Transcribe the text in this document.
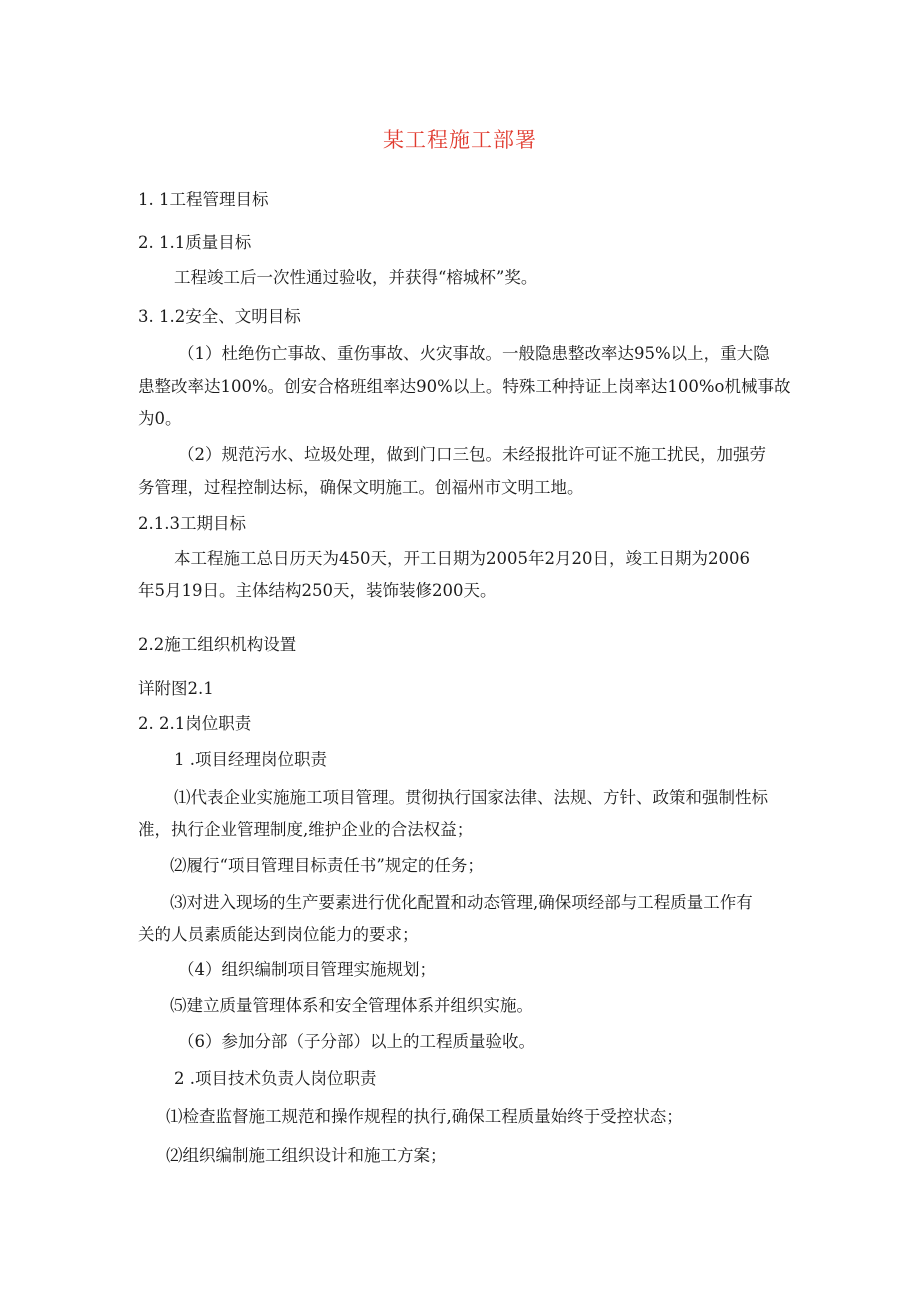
某工程施工部署
1. 1工程管理目标
2. 1.1质量目标
工程竣工后一次性通过验收，并获得“榕城杯”奖。
3. 1.2安全、文明目标
（1）杜绝伤亡事故、重伤事故、火灾事故。一般隐患整改率达95%以上，重大隐
患整改率达100%。创安合格班组率达90%以上。特殊工种持证上岗率达100%o机械事故
为0。
（2）规范污水、垃圾处理，做到门口三包。未经报批许可证不施工扰民，加强劳
务管理，过程控制达标，确保文明施工。创福州市文明工地。
2.1.3工期目标
本工程施工总日历天为450天，开工日期为2005年2月20日，竣工日期为2006
年5月19日。主体结构250天，装饰装修200天。
2.2施工组织机构设置
详附图2.1
2. 2.1岗位职责
1 .项目经理岗位职责
⑴代表企业实施施工项目管理。贯彻执行国家法律、法规、方针、政策和强制性标
准，执行企业管理制度,维护企业的合法权益；
⑵履行“项目管理目标责任书”规定的任务；
⑶对进入现场的生产要素进行优化配置和动态管理,确保项经部与工程质量工作有
关的人员素质能达到岗位能力的要求；
（4）组织编制项目管理实施规划；
⑸建立质量管理体系和安全管理体系并组织实施。
（6）参加分部（子分部）以上的工程质量验收。
2 .项目技术负责人岗位职责
⑴检查监督施工规范和操作规程的执行,确保工程质量始终于受控状态；
⑵组织编制施工组织设计和施工方案；
